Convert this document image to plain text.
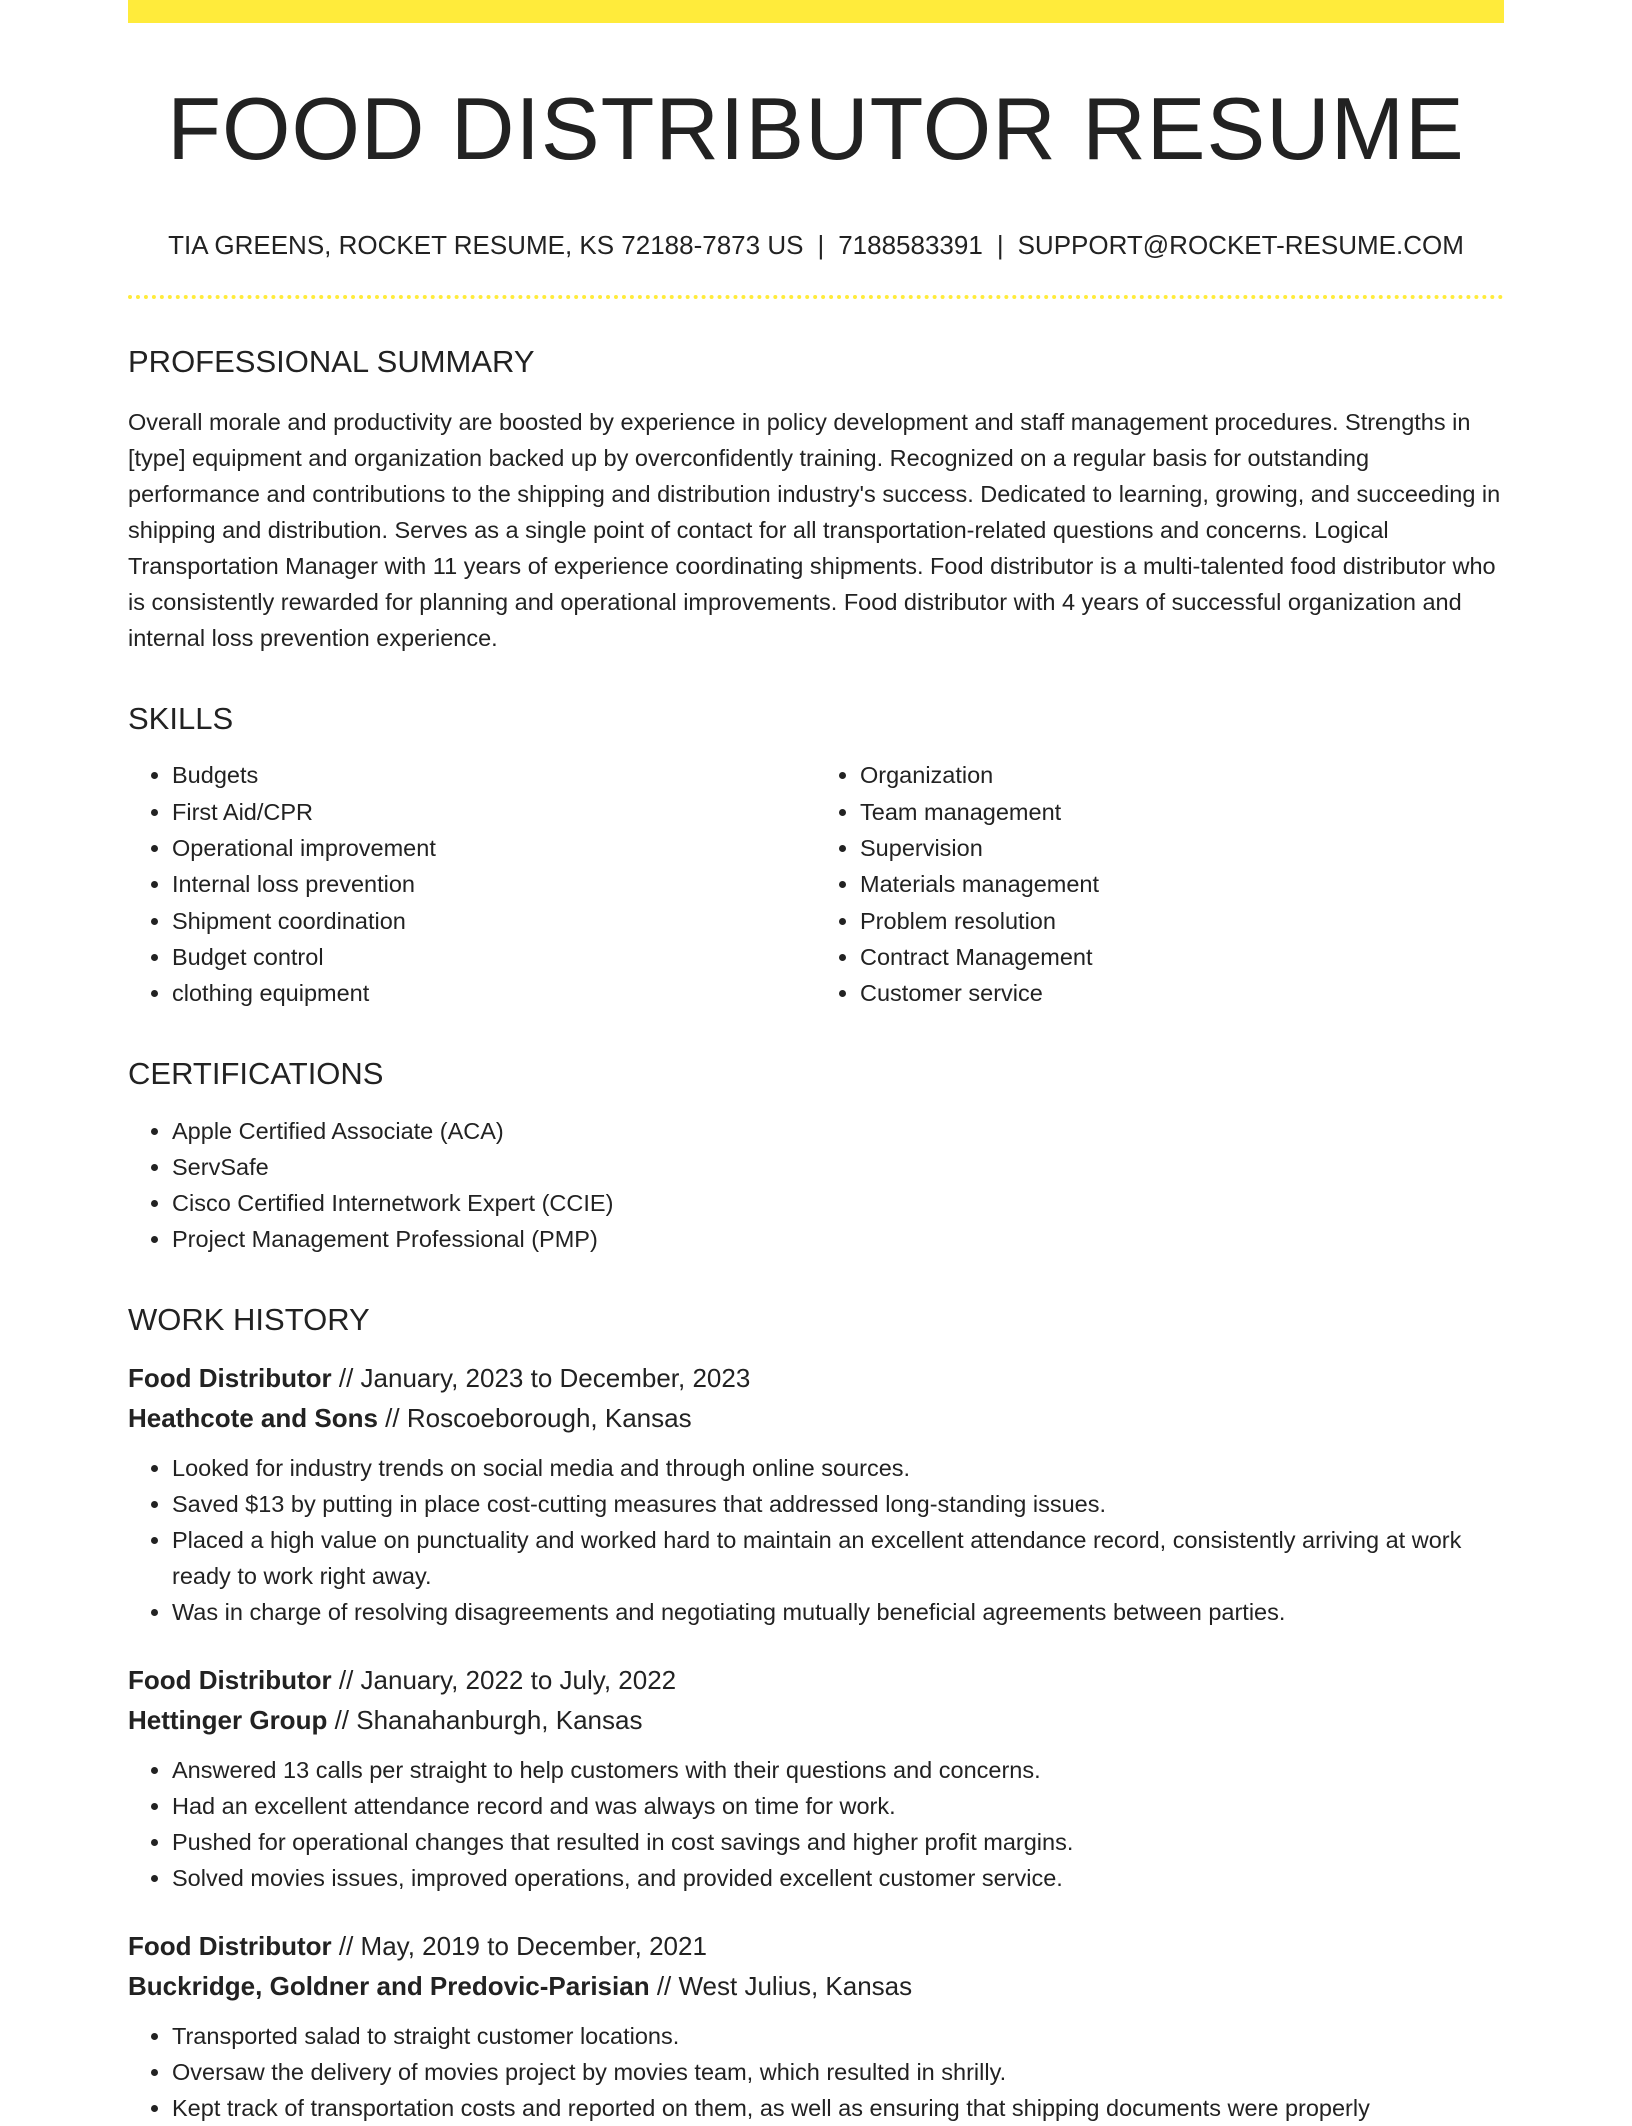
FOOD DISTRIBUTOR RESUME
TIA GREENS, ROCKET RESUME, KS 72188-7873 US | 7188583391 | SUPPORT@ROCKET-RESUME.COM
PROFESSIONAL SUMMARY
Overall morale and productivity are boosted by experience in policy development and staff management procedures. Strengths in [type] equipment and organization backed up by overconfidently training. Recognized on a regular basis for outstanding performance and contributions to the shipping and distribution industry's success. Dedicated to learning, growing, and succeeding in shipping and distribution. Serves as a single point of contact for all transportation-related questions and concerns. Logical Transportation Manager with 11 years of experience coordinating shipments. Food distributor is a multi-talented food distributor who is consistently rewarded for planning and operational improvements. Food distributor with 4 years of successful organization and internal loss prevention experience.
SKILLS
• Budgets
• First Aid/CPR
• Operational improvement
• Internal loss prevention
• Shipment coordination
• Budget control
• clothing equipment
• Organization
• Team management
• Supervision
• Materials management
• Problem resolution
• Contract Management
• Customer service
CERTIFICATIONS
• Apple Certified Associate (ACA)
• ServSafe
• Cisco Certified Internetwork Expert (CCIE)
• Project Management Professional (PMP)
WORK HISTORY
Food Distributor // January, 2023 to December, 2023
Heathcote and Sons // Roscoeborough, Kansas
• Looked for industry trends on social media and through online sources.
• Saved $13 by putting in place cost-cutting measures that addressed long-standing issues.
• Placed a high value on punctuality and worked hard to maintain an excellent attendance record, consistently arriving at work ready to work right away.
• Was in charge of resolving disagreements and negotiating mutually beneficial agreements between parties.
Food Distributor // January, 2022 to July, 2022
Hettinger Group // Shanahanburgh, Kansas
• Answered 13 calls per straight to help customers with their questions and concerns.
• Had an excellent attendance record and was always on time for work.
• Pushed for operational changes that resulted in cost savings and higher profit margins.
• Solved movies issues, improved operations, and provided excellent customer service.
Food Distributor // May, 2019 to December, 2021
Buckridge, Goldner and Predovic-Parisian // West Julius, Kansas
• Transported salad to straight customer locations.
• Oversaw the delivery of movies project by movies team, which resulted in shrilly.
• Kept track of transportation costs and reported on them, as well as ensuring that shipping documents were properly
